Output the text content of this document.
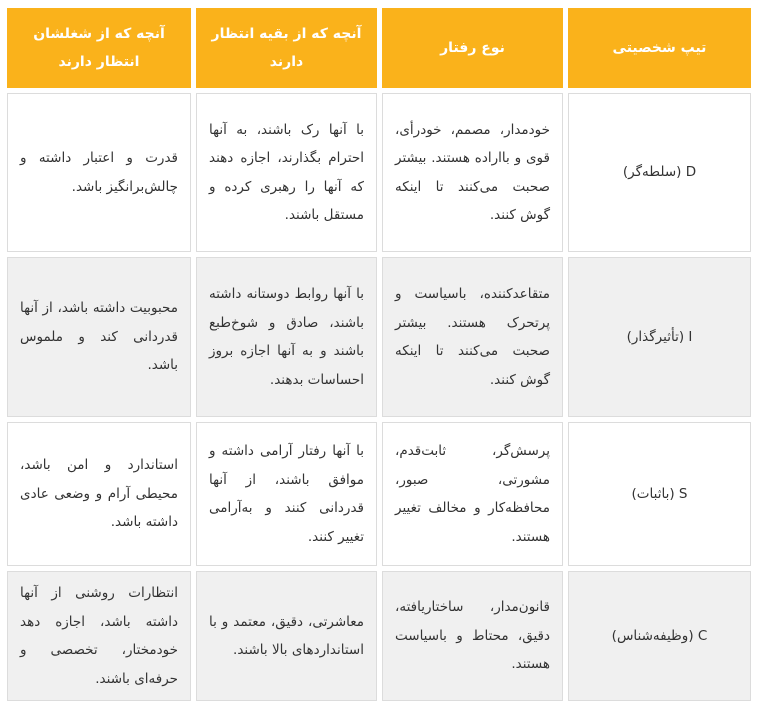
تیپ شخصیتی	نوع رفتار	آنچه که از بقیه انتظار دارند	آنچه که از شغلشان انتظار دارند
D (سلطه‌گر)	خودمدار، مصمم، خودرأی، قوی و بااراده هستند. بیشتر صحبت می‌کنند تا اینکه گوش کنند.	با آنها رک باشند، به آنها احترام بگذارند، اجازه دهند که آنها را رهبری کرده و مستقل باشند.	قدرت و اعتبار داشته و چالش‌برانگیز باشد.
I (تأثیرگذار)	متقاعدکننده، باسیاست و پرتحرک هستند. بیشتر صحبت می‌کنند تا اینکه گوش کنند.	با آنها روابط دوستانه داشته باشند، صادق و شوخ‌طبع باشند و به آنها اجازه بروز احساسات بدهند.	محبوبیت داشته باشد، از آنها قدردانی کند و ملموس باشد.
S (باثبات)	پرسش‌گر، ثابت‌قدم، مشورتی، صبور، محافظه‌کار و مخالف تغییر هستند.	با آنها رفتار آرامی داشته و موافق باشند، از آنها قدردانی کنند و به‌آرامی تغییر کنند.	استاندارد و امن باشد، محیطی آرام و وضعی عادی داشته باشد.
C (وظیفه‌شناس)	قانون‌مدار، ساختاریافته، دقیق، محتاط و باسیاست هستند.	معاشرتی، دقیق، معتمد و با استانداردهای بالا باشند.	انتظارات روشنی از آنها داشته باشد، اجازه دهد خودمختار، تخصصی و حرفه‌ای باشند.
